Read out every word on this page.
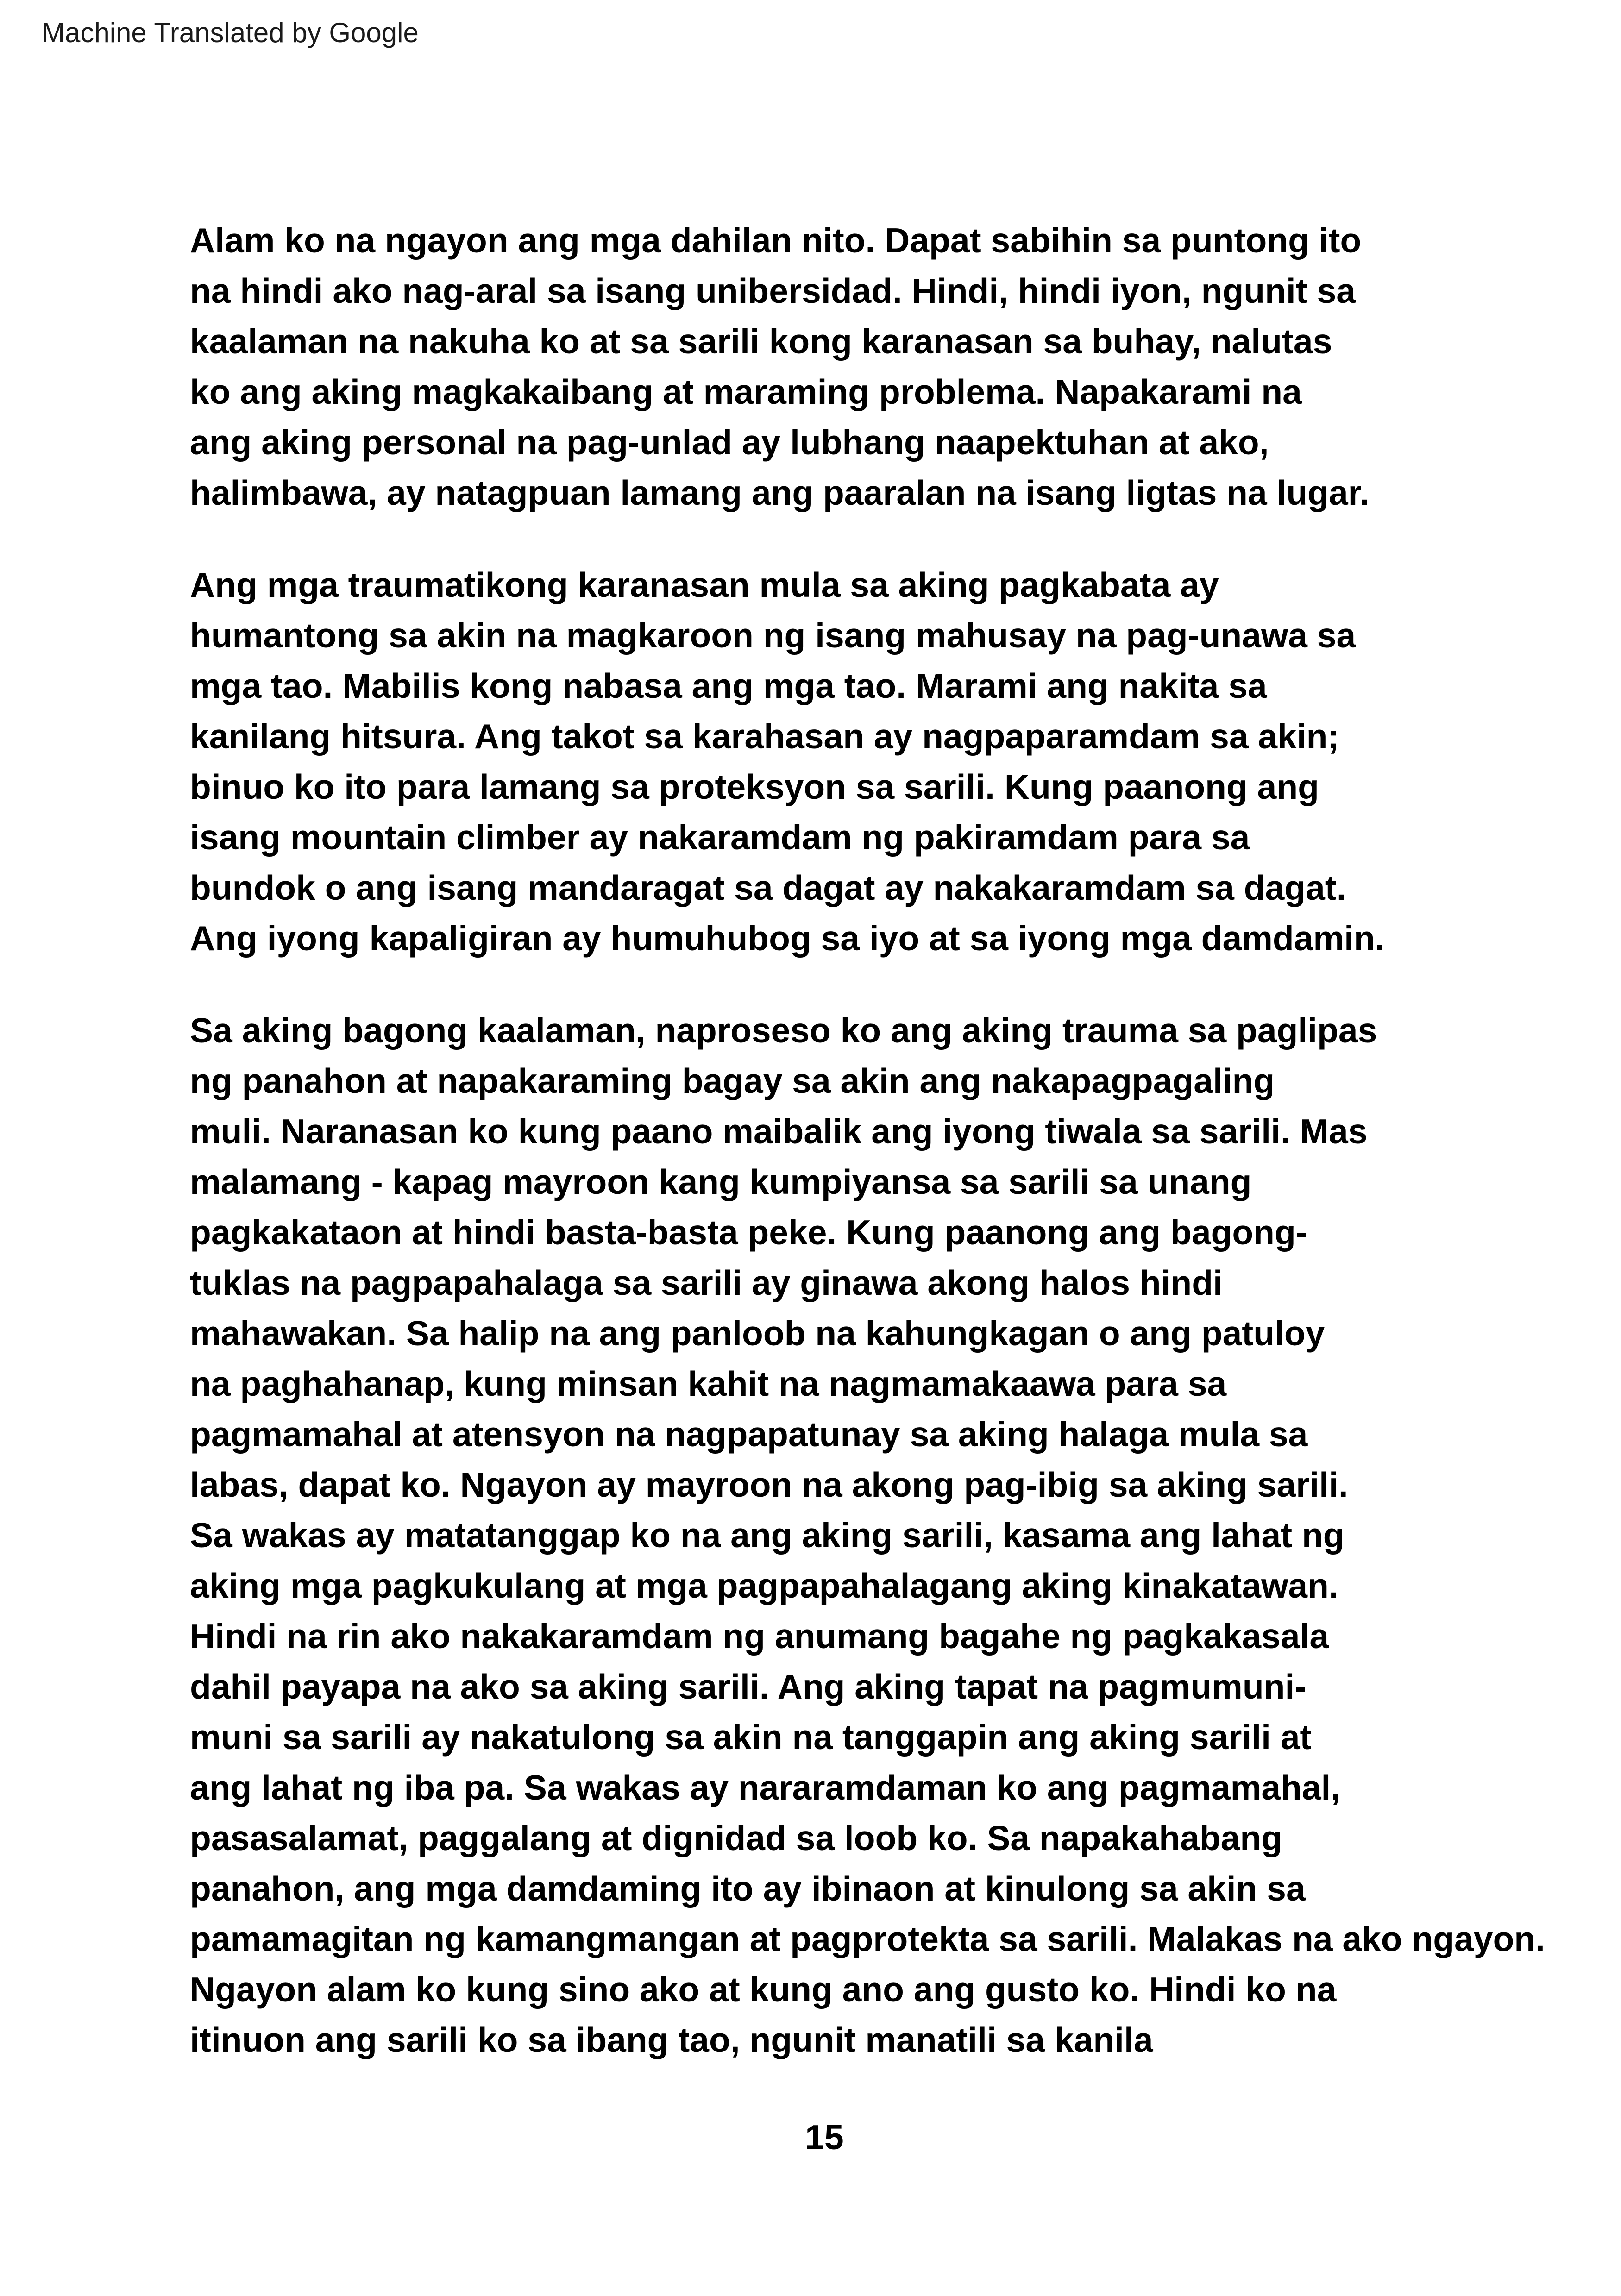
Machine Translated by Google
Alam ko na ngayon ang mga dahilan nito. Dapat sabihin sa puntong ito
na hindi ako nag-aral sa isang unibersidad. Hindi, hindi iyon, ngunit sa
kaalaman na nakuha ko at sa sarili kong karanasan sa buhay, nalutas
ko ang aking magkakaibang at maraming problema. Napakarami na
ang aking personal na pag-unlad ay lubhang naapektuhan at ako,
halimbawa, ay natagpuan lamang ang paaralan na isang ligtas na lugar.
Ang mga traumatikong karanasan mula sa aking pagkabata ay
humantong sa akin na magkaroon ng isang mahusay na pag-unawa sa
mga tao. Mabilis kong nabasa ang mga tao. Marami ang nakita sa
kanilang hitsura. Ang takot sa karahasan ay nagpaparamdam sa akin;
binuo ko ito para lamang sa proteksyon sa sarili. Kung paanong ang
isang mountain climber ay nakaramdam ng pakiramdam para sa
bundok o ang isang mandaragat sa dagat ay nakakaramdam sa dagat.
Ang iyong kapaligiran ay humuhubog sa iyo at sa iyong mga damdamin.
Sa aking bagong kaalaman, naproseso ko ang aking trauma sa paglipas
ng panahon at napakaraming bagay sa akin ang nakapagpagaling
muli. Naranasan ko kung paano maibalik ang iyong tiwala sa sarili. Mas
malamang - kapag mayroon kang kumpiyansa sa sarili sa unang
pagkakataon at hindi basta-basta peke. Kung paanong ang bagong-
tuklas na pagpapahalaga sa sarili ay ginawa akong halos hindi
mahawakan. Sa halip na ang panloob na kahungkagan o ang patuloy
na paghahanap, kung minsan kahit na nagmamakaawa para sa
pagmamahal at atensyon na nagpapatunay sa aking halaga mula sa
labas, dapat ko. Ngayon ay mayroon na akong pag-ibig sa aking sarili.
Sa wakas ay matatanggap ko na ang aking sarili, kasama ang lahat ng
aking mga pagkukulang at mga pagpapahalagang aking kinakatawan.
Hindi na rin ako nakakaramdam ng anumang bagahe ng pagkakasala
dahil payapa na ako sa aking sarili. Ang aking tapat na pagmumuni-
muni sa sarili ay nakatulong sa akin na tanggapin ang aking sarili at
ang lahat ng iba pa. Sa wakas ay nararamdaman ko ang pagmamahal,
pasasalamat, paggalang at dignidad sa loob ko. Sa napakahabang
panahon, ang mga damdaming ito ay ibinaon at kinulong sa akin sa
pamamagitan ng kamangmangan at pagprotekta sa sarili. Malakas na ako ngayon.
Ngayon alam ko kung sino ako at kung ano ang gusto ko. Hindi ko na
itinuon ang sarili ko sa ibang tao, ngunit manatili sa kanila
15
